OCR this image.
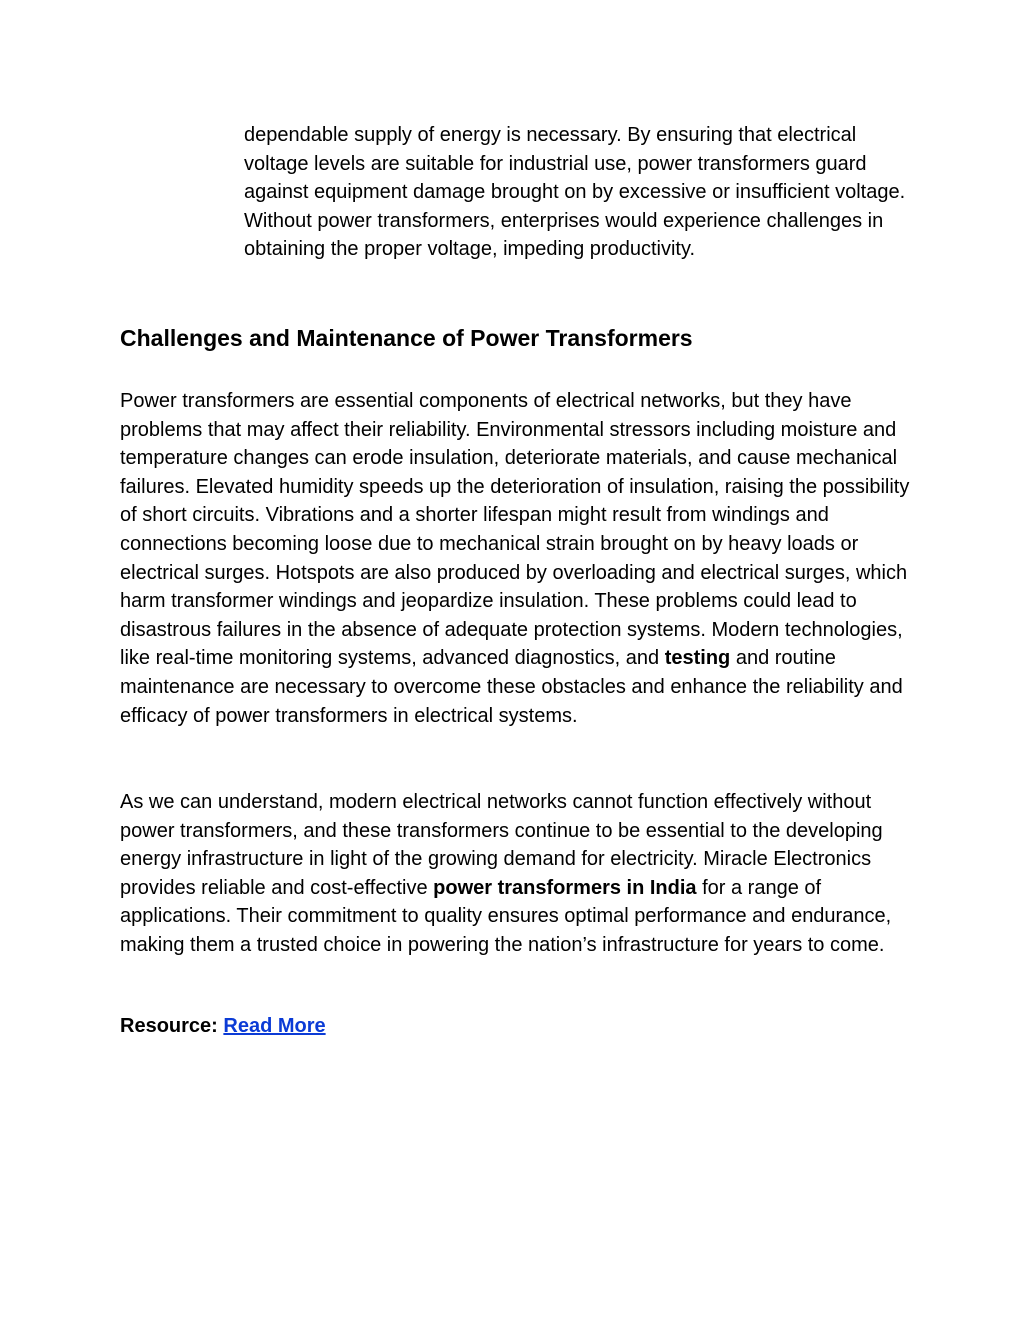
dependable supply of energy is necessary. By ensuring that electrical voltage levels are suitable for industrial use, power transformers guard against equipment damage brought on by excessive or insufficient voltage. Without power transformers, enterprises would experience challenges in obtaining the proper voltage, impeding productivity.

Challenges and Maintenance of Power Transformers

Power transformers are essential components of electrical networks, but they have problems that may affect their reliability. Environmental stressors including moisture and temperature changes can erode insulation, deteriorate materials, and cause mechanical failures. Elevated humidity speeds up the deterioration of insulation, raising the possibility of short circuits. Vibrations and a shorter lifespan might result from windings and connections becoming loose due to mechanical strain brought on by heavy loads or electrical surges. Hotspots are also produced by overloading and electrical surges, which harm transformer windings and jeopardize insulation. These problems could lead to disastrous failures in the absence of adequate protection systems. Modern technologies, like real-time monitoring systems, advanced diagnostics, and testing and routine maintenance are necessary to overcome these obstacles and enhance the reliability and efficacy of power transformers in electrical systems.

As we can understand, modern electrical networks cannot function effectively without power transformers, and these transformers continue to be essential to the developing energy infrastructure in light of the growing demand for electricity. Miracle Electronics provides reliable and cost-effective power transformers in India for a range of applications. Their commitment to quality ensures optimal performance and endurance, making them a trusted choice in powering the nation’s infrastructure for years to come.

Resource: Read More
